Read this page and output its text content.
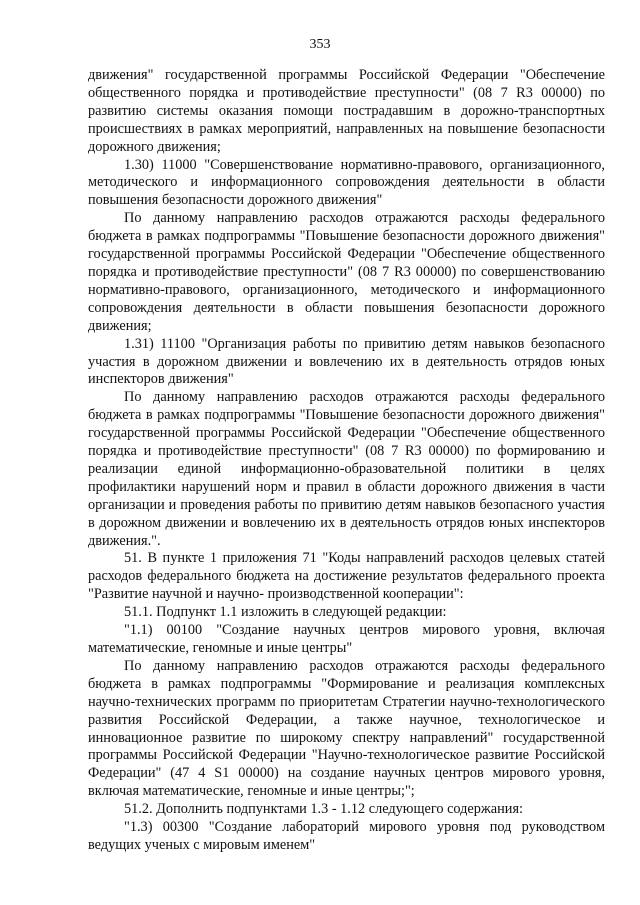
353

движения" государственной программы Российской Федерации "Обеспечение общественного порядка и противодействие преступности" (08 7 R3 00000) по развитию системы оказания помощи пострадавшим в дорожно-транспортных происшествиях в рамках мероприятий, направленных на повышение безопасности дорожного движения;

1.30) 11000 "Совершенствование нормативно-правового, организационного, методического и информационного сопровождения деятельности в области повышения безопасности дорожного движения"

По данному направлению расходов отражаются расходы федерального бюджета в рамках подпрограммы "Повышение безопасности дорожного движения" государственной программы Российской Федерации "Обеспечение общественного порядка и противодействие преступности" (08 7 R3 00000) по совершенствованию нормативно-правового, организационного, методического и информационного сопровождения деятельности в области повышения безопасности дорожного движения;

1.31) 11100 "Организация работы по привитию детям навыков безопасного участия в дорожном движении и вовлечению их в деятельность отрядов юных инспекторов движения"

По данному направлению расходов отражаются расходы федерального бюджета в рамках подпрограммы "Повышение безопасности дорожного движения" государственной программы Российской Федерации "Обеспечение общественного порядка и противодействие преступности" (08 7 R3 00000) по формированию и реализации единой информационно-образовательной политики в целях профилактики нарушений норм и правил в области дорожного движения в части организации и проведения работы по привитию детям навыков безопасного участия в дорожном движении и вовлечению их в деятельность отрядов юных инспекторов движения.".

51. В пункте 1 приложения 71 "Коды направлений расходов целевых статей расходов федерального бюджета на достижение результатов федерального проекта "Развитие научной и научно- производственной кооперации":

51.1. Подпункт 1.1 изложить в следующей редакции:

"1.1) 00100 "Создание научных центров мирового уровня, включая математические, геномные и иные центры"

По данному направлению расходов отражаются расходы федерального бюджета в рамках подпрограммы "Формирование и реализация комплексных научно-технических программ по приоритетам Стратегии научно-технологического развития Российской Федерации, а также научное, технологическое и инновационное развитие по широкому спектру направлений" государственной программы Российской Федерации "Научно-технологическое развитие Российской Федерации" (47 4 S1 00000) на создание научных центров мирового уровня, включая математические, геномные и иные центры;";

51.2. Дополнить подпунктами 1.3 - 1.12 следующего содержания:

"1.3) 00300 "Создание лабораторий мирового уровня под руководством ведущих ученых с мировым именем"
